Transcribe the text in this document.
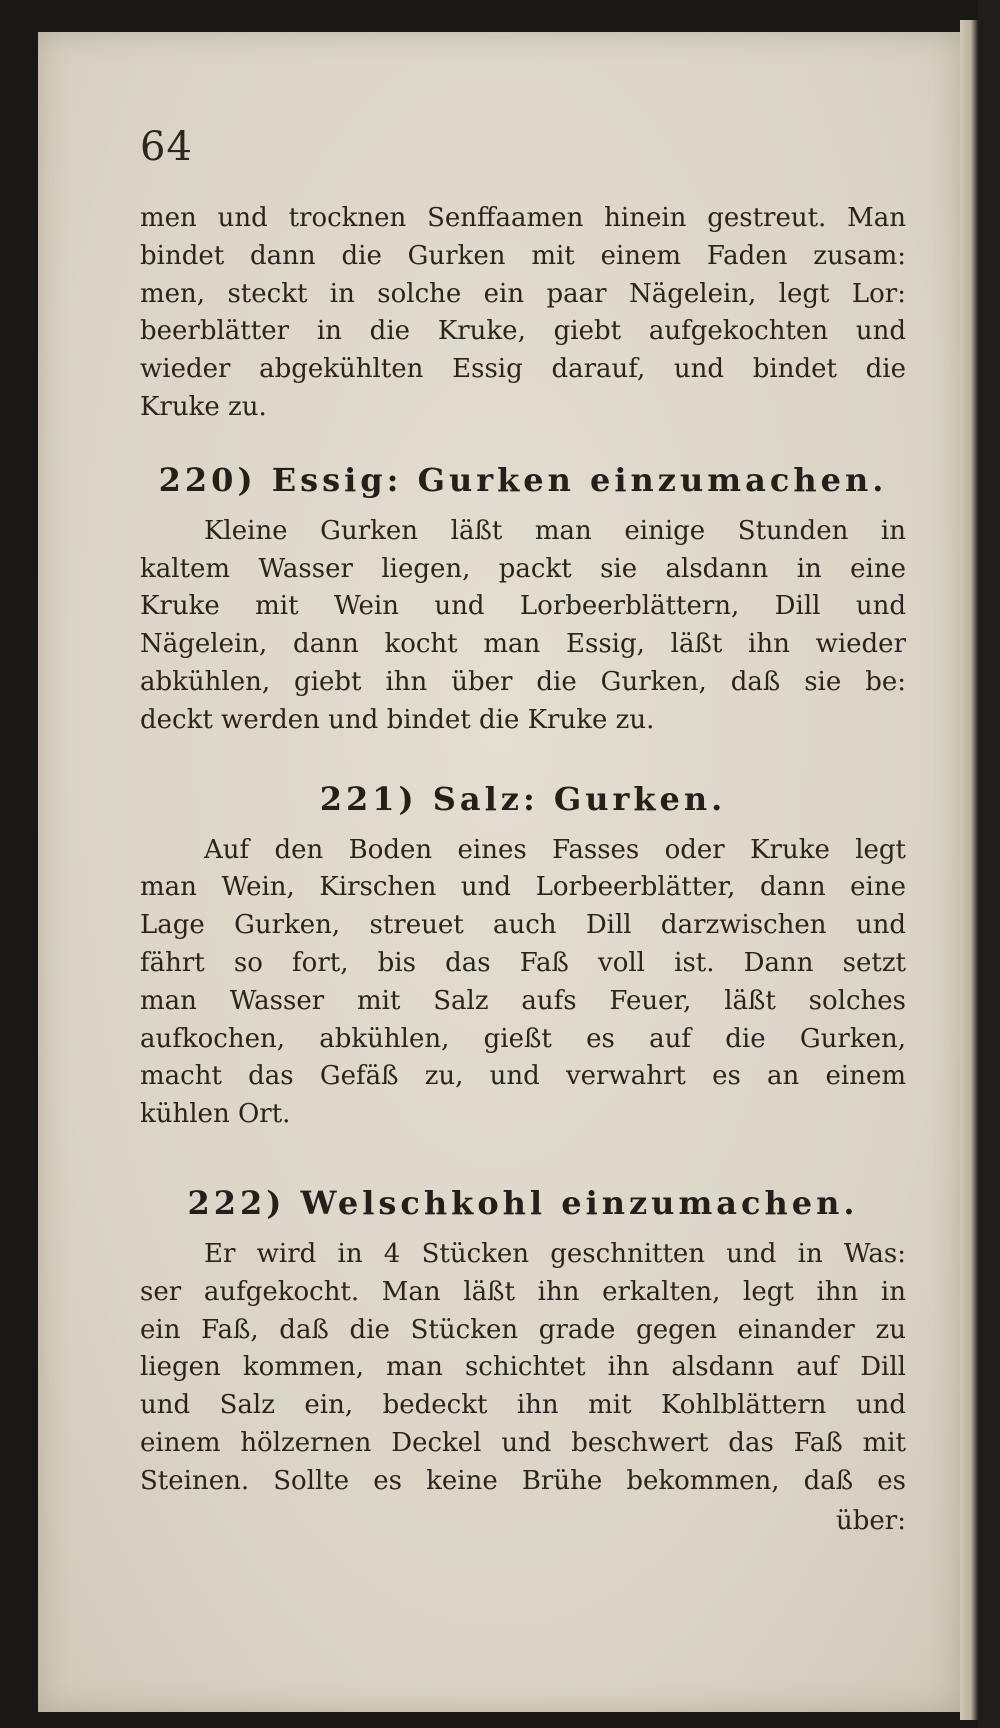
64
men und trocknen Senffaamen hinein gestreut. Man
bindet dann die Gurken mit einem Faden zusam:
men, steckt in solche ein paar Nägelein, legt Lor:
beerblätter in die Kruke, giebt aufgekochten und
wieder abgekühlten Essig darauf, und bindet die
Kruke zu.
220) Essig: Gurken einzumachen.
Kleine Gurken läßt man einige Stunden in
kaltem Wasser liegen, packt sie alsdann in eine
Kruke mit Wein und Lorbeerblättern, Dill und
Nägelein, dann kocht man Essig, läßt ihn wieder
abkühlen, giebt ihn über die Gurken, daß sie be:
deckt werden und bindet die Kruke zu.
221) Salz: Gurken.
Auf den Boden eines Fasses oder Kruke legt
man Wein, Kirschen und Lorbeerblätter, dann eine
Lage Gurken, streuet auch Dill darzwischen und
fährt so fort, bis das Faß voll ist. Dann setzt
man Wasser mit Salz aufs Feuer, läßt solches
aufkochen, abkühlen, gießt es auf die Gurken,
macht das Gefäß zu, und verwahrt es an einem
kühlen Ort.
222) Welschkohl einzumachen.
Er wird in 4 Stücken geschnitten und in Was:
ser aufgekocht. Man läßt ihn erkalten, legt ihn in
ein Faß, daß die Stücken grade gegen einander zu
liegen kommen, man schichtet ihn alsdann auf Dill
und Salz ein, bedeckt ihn mit Kohlblättern und
einem hölzernen Deckel und beschwert das Faß mit
Steinen. Sollte es keine Brühe bekommen, daß es
über:
